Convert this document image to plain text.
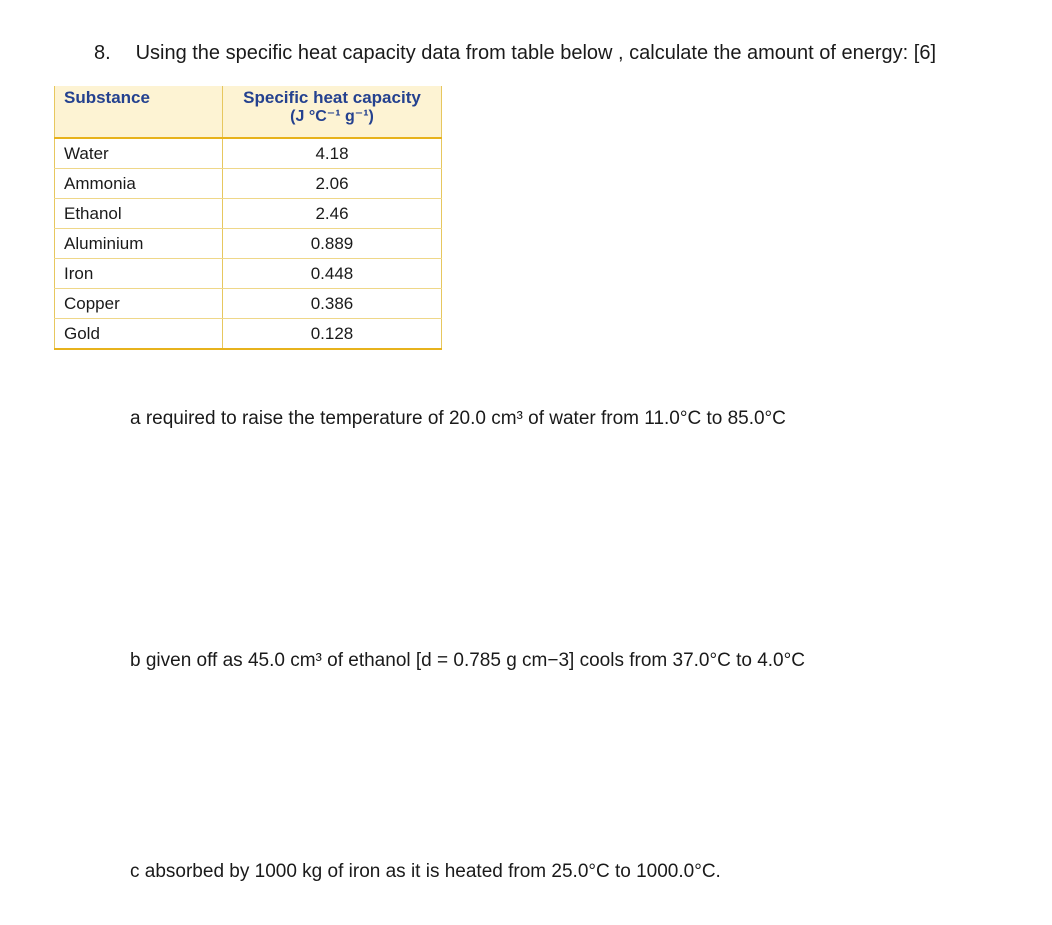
8. Using the specific heat capacity data from table below , calculate the amount of energy: [6]
Substance	Specific heat capacity
(J °C⁻¹ g⁻¹)

Water	4.18
Ammonia	2.06
Ethanol	2.46
Aluminium	0.889
Iron	0.448
Copper	0.386
Gold	0.128
a required to raise the temperature of 20.0 cm³ of water from 11.0°C to 85.0°C
b given off as 45.0 cm³ of ethanol [d = 0.785 g cm−3] cools from 37.0°C to 4.0°C
c absorbed by 1000 kg of iron as it is heated from 25.0°C to 1000.0°C.
